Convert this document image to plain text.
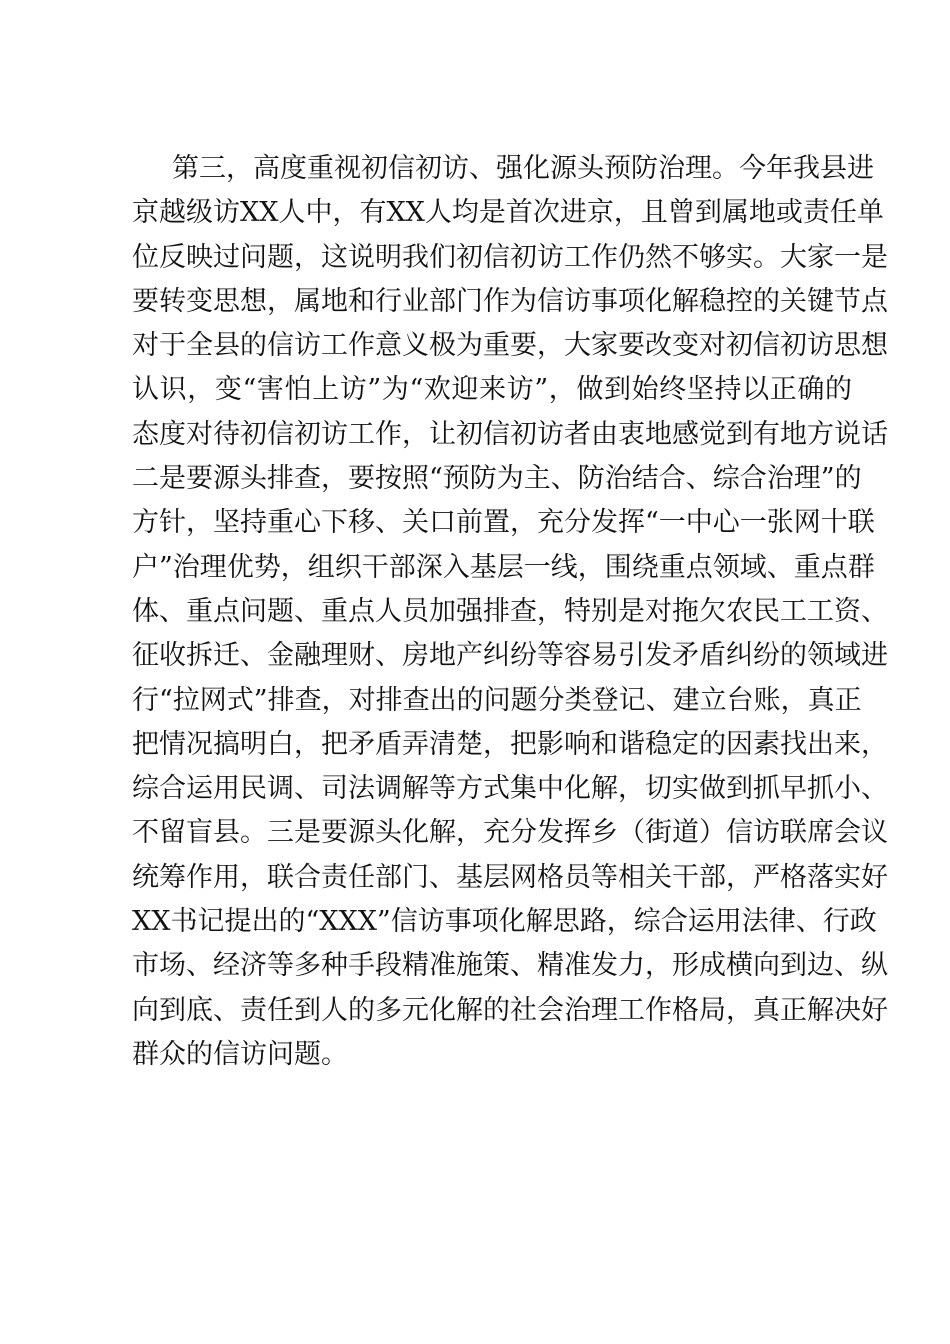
第三，高度重视初信初访、强化源头预防治理。今年我县进
京越级访XX人中，有XX人均是首次进京，且曾到属地或责任单
位反映过问题，这说明我们初信初访工作仍然不够实。大家一是
要转变思想，属地和行业部门作为信访事项化解稳控的关键节点
对于全县的信访工作意义极为重要，大家要改变对初信初访思想
认识，变“害怕上访”为“欢迎来访”，做到始终坚持以正确的
态度对待初信初访工作，让初信初访者由衷地感觉到有地方说话
二是要源头排查，要按照“预防为主、防治结合、综合治理”的
方针，坚持重心下移、关口前置，充分发挥“一中心一张网十联
户”治理优势，组织干部深入基层一线，围绕重点领域、重点群
体、重点问题、重点人员加强排查，特别是对拖欠农民工工资、
征收拆迁、金融理财、房地产纠纷等容易引发矛盾纠纷的领域进
行“拉网式”排查，对排查出的问题分类登记、建立台账，真正
把情况搞明白，把矛盾弄清楚，把影响和谐稳定的因素找出来，
综合运用民调、司法调解等方式集中化解，切实做到抓早抓小、
不留盲县。三是要源头化解，充分发挥乡（街道）信访联席会议
统筹作用，联合责任部门、基层网格员等相关干部，严格落实好
XX书记提出的“XXX”信访事项化解思路，综合运用法律、行政
市场、经济等多种手段精准施策、精准发力，形成横向到边、纵
向到底、责任到人的多元化解的社会治理工作格局，真正解决好
群众的信访问题。
